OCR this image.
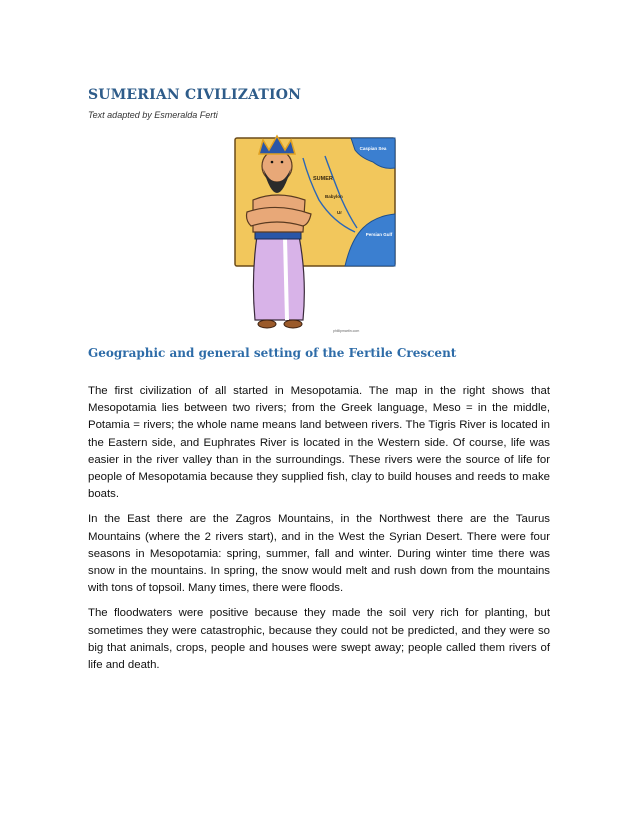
SUMERIAN CIVILIZATION
Text adapted by Esmeralda Ferti
Caspian Sea
SUMER
Babylon
Ur
Persian Gulf
phillipmartin.com
Geographic and general setting of the Fertile Crescent

The first civilization of all started in Mesopotamia. The map in the right shows that Mesopotamia lies between two rivers; from the Greek language, Meso = in the middle, Potamia = rivers; the whole name means land between rivers. The Tigris River is located in the Eastern side, and Euphrates River is located in the Western side. Of course, life was easier in the river valley than in the surroundings. These rivers were the source of life for people of Mesopotamia because they supplied fish, clay to build houses and reeds to make boats.

In the East there are the Zagros Mountains, in the Northwest there are the Taurus Mountains (where the 2 rivers start), and in the West the Syrian Desert. There were four seasons in Mesopotamia: spring, summer, fall and winter. During winter time there was snow in the mountains. In spring, the snow would melt and rush down from the mountains with tons of topsoil. Many times, there were floods.

The floodwaters were positive because they made the soil very rich for planting, but sometimes they were catastrophic, because they could not be predicted, and they were so big that animals, crops, people and houses were swept away; people called them rivers of life and death.
